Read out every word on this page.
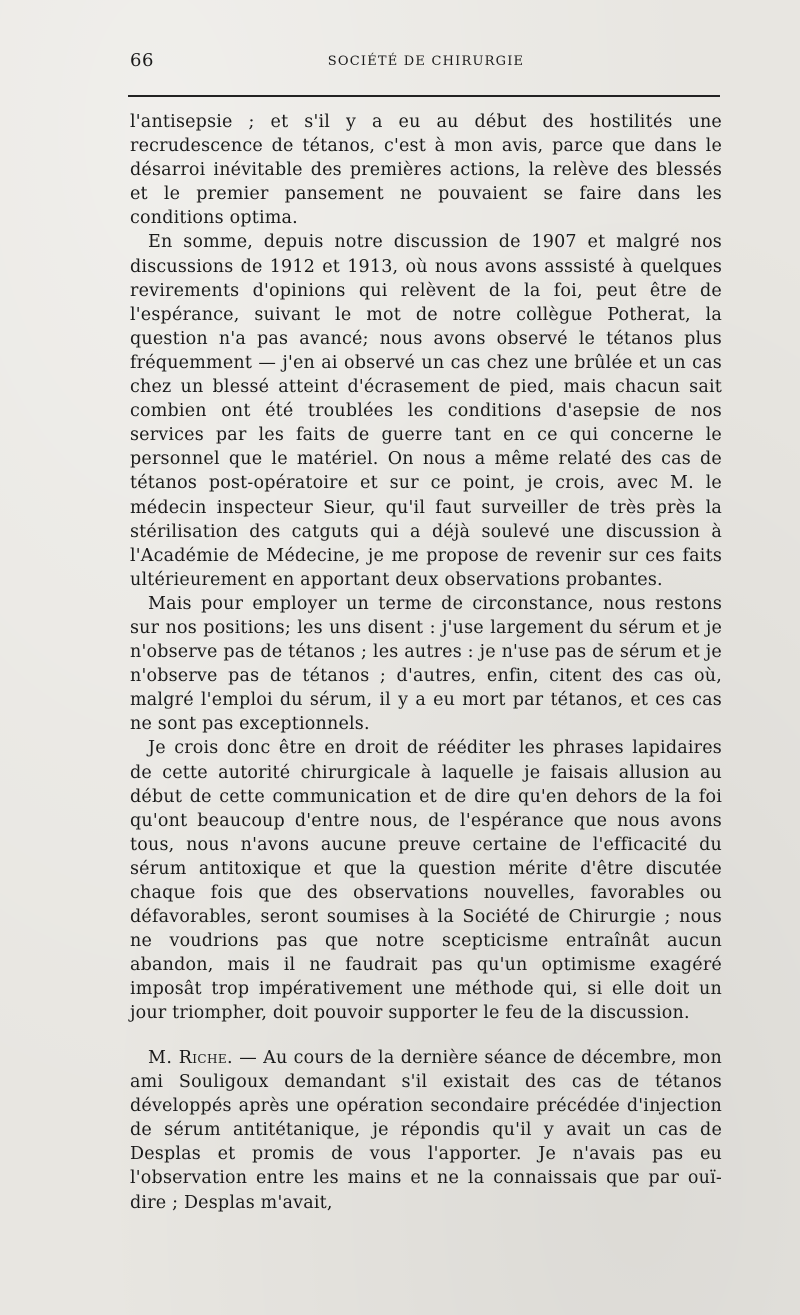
66	SOCIÉTÉ DE CHIRURGIE

l'antisepsie ; et s'il y a eu au début des hostilités une recrudescence de tétanos, c'est à mon avis, parce que dans le désarroi inévitable des premières actions, la relève des blessés et le premier pansement ne pouvaient se faire dans les conditions optima.

En somme, depuis notre discussion de 1907 et malgré nos discussions de 1912 et 1913, où nous avons asssisté à quelques revirements d'opinions qui relèvent de la foi, peut être de l'espérance, suivant le mot de notre collègue Potherat, la question n'a pas avancé; nous avons observé le tétanos plus fréquemment — j'en ai observé un cas chez une brûlée et un cas chez un blessé atteint d'écrasement de pied, mais chacun sait combien ont été troublées les conditions d'asepsie de nos services par les faits de guerre tant en ce qui concerne le personnel que le matériel. On nous a même relaté des cas de tétanos post-opératoire et sur ce point, je crois, avec M. le médecin inspecteur Sieur, qu'il faut surveiller de très près la stérilisation des catguts qui a déjà soulevé une discussion à l'Académie de Médecine, je me propose de revenir sur ces faits ultérieurement en apportant deux observations probantes.

Mais pour employer un terme de circonstance, nous restons sur nos positions; les uns disent : j'use largement du sérum et je n'observe pas de tétanos ; les autres : je n'use pas de sérum et je n'observe pas de tétanos ; d'autres, enfin, citent des cas où, malgré l'emploi du sérum, il y a eu mort par tétanos, et ces cas ne sont pas exceptionnels.

Je crois donc être en droit de rééditer les phrases lapidaires de cette autorité chirurgicale à laquelle je faisais allusion au début de cette communication et de dire qu'en dehors de la foi qu'ont beaucoup d'entre nous, de l'espérance que nous avons tous, nous n'avons aucune preuve certaine de l'efficacité du sérum antitoxique et que la question mérite d'être discutée chaque fois que des observations nouvelles, favorables ou défavorables, seront soumises à la Société de Chirurgie ; nous ne voudrions pas que notre scepticisme entraînât aucun abandon, mais il ne faudrait pas qu'un optimisme exagéré imposât trop impérativement une méthode qui, si elle doit un jour triompher, doit pouvoir supporter le feu de la discussion.

M. Riche. — Au cours de la dernière séance de décembre, mon ami Souligoux demandant s'il existait des cas de tétanos développés après une opération secondaire précédée d'injection de sérum antitétanique, je répondis qu'il y avait un cas de Desplas et promis de vous l'apporter. Je n'avais pas eu l'observation entre les mains et ne la connaissais que par ouï-dire ; Desplas m'avait,
